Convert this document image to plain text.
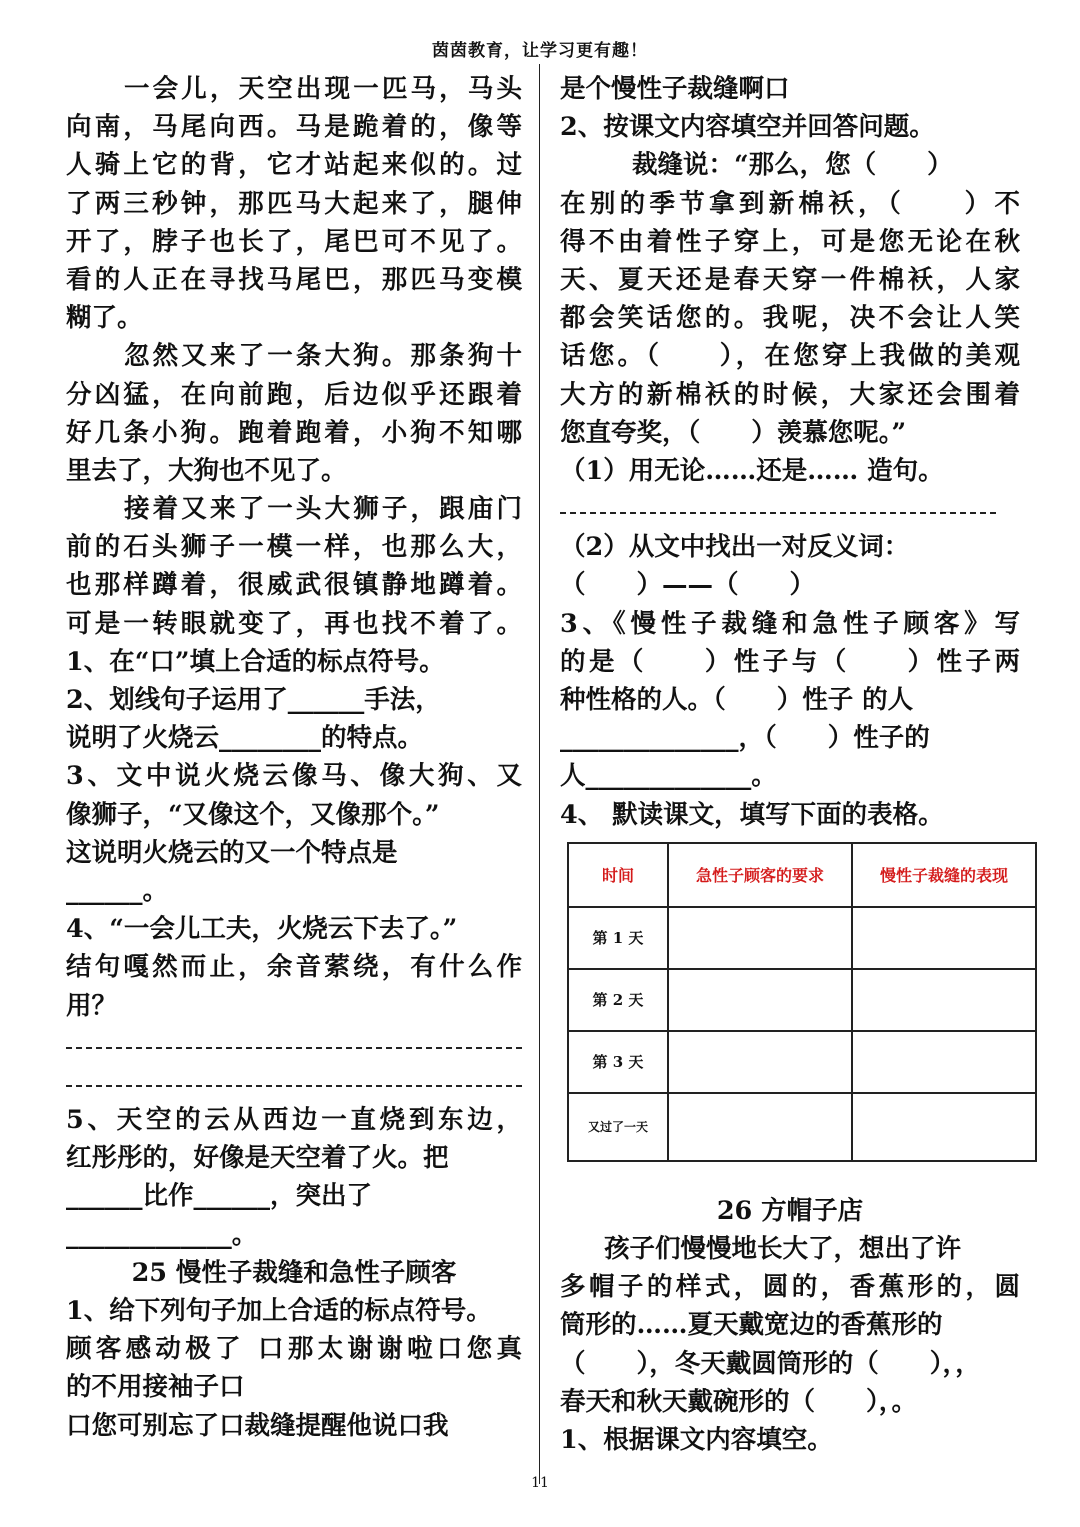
茵茵教育，让学习更有趣！
一会儿，天空出现一匹马，马头
向南，马尾向西。马是跪着的，像等
人骑上它的背，它才站起来似的。过
了两三秒钟，那匹马大起来了，腿伸
开了，脖子也长了，尾巴可不见了。
看的人正在寻找马尾巴，那匹马变模
糊了。
忽然又来了一条大狗。那条狗十
分凶猛，在向前跑，后边似乎还跟着
好几条小狗。跑着跑着，小狗不知哪
里去了，大狗也不见了。
接着又来了一头大狮子，跟庙门
前的石头狮子一模一样，也那么大，
也那样蹲着，很威武很镇静地蹲着。
可是一转眼就变了，再也找不着了。
1、在“口”填上合适的标点符号。
2、划线句子运用了______手法，
说明了火烧云________的特点。
3、文中说火烧云像马、像大狗、又
像狮子，“又像这个，又像那个。”
这说明火烧云的又一个特点是
______。
4、“一会儿工夫，火烧云下去了。”
结句嘎然而止，余音萦绕，有什么作
用？
5、天空的云从西边一直烧到东边，
红彤彤的，好像是天空着了火。把
______比作______，突出了
_____________。
25 慢性子裁缝和急性子顾客
1、给下列句子加上合适的标点符号。
顾客感动极了 口那太谢谢啦口您真
的不用接袖子口
口您可别忘了口裁缝提醒他说口我
是个慢性子裁缝啊口
2、按课文内容填空并回答问题。
裁缝说：“那么，您（　　）
在别的季节拿到新棉袄，（　　）不
得不由着性子穿上，可是您无论在秋
天、夏天还是春天穿一件棉袄，人家
都会笑话您的。我呢，决不会让人笑
话您。（　　），在您穿上我做的美观
大方的新棉袄的时候，大家还会围着
您直夸奖，（　　）羡慕您呢。”
（1）用无论……还是…… 造句。
（2）从文中找出一对反义词：
（　　）——（　　）
3、《慢性子裁缝和急性子顾客》写
的是（　　）性子与（　　）性子两
种性格的人。（　　）性子 的人
______________，（　　）性子的
人_____________。
4、 默读课文，填写下面的表格。
时间	急性子顾客的要求	慢性子裁缝的表现
第 1 天		
第 2 天		
第 3 天		
又过了一天		
26 方帽子店
孩子们慢慢地长大了，想出了许
多帽子的样式，圆的，香蕉形的，圆
筒形的……夏天戴宽边的香蕉形的
（　　），冬天戴圆筒形的（　　），，
春天和秋天戴碗形的（　　），。
1、根据课文内容填空。
11
